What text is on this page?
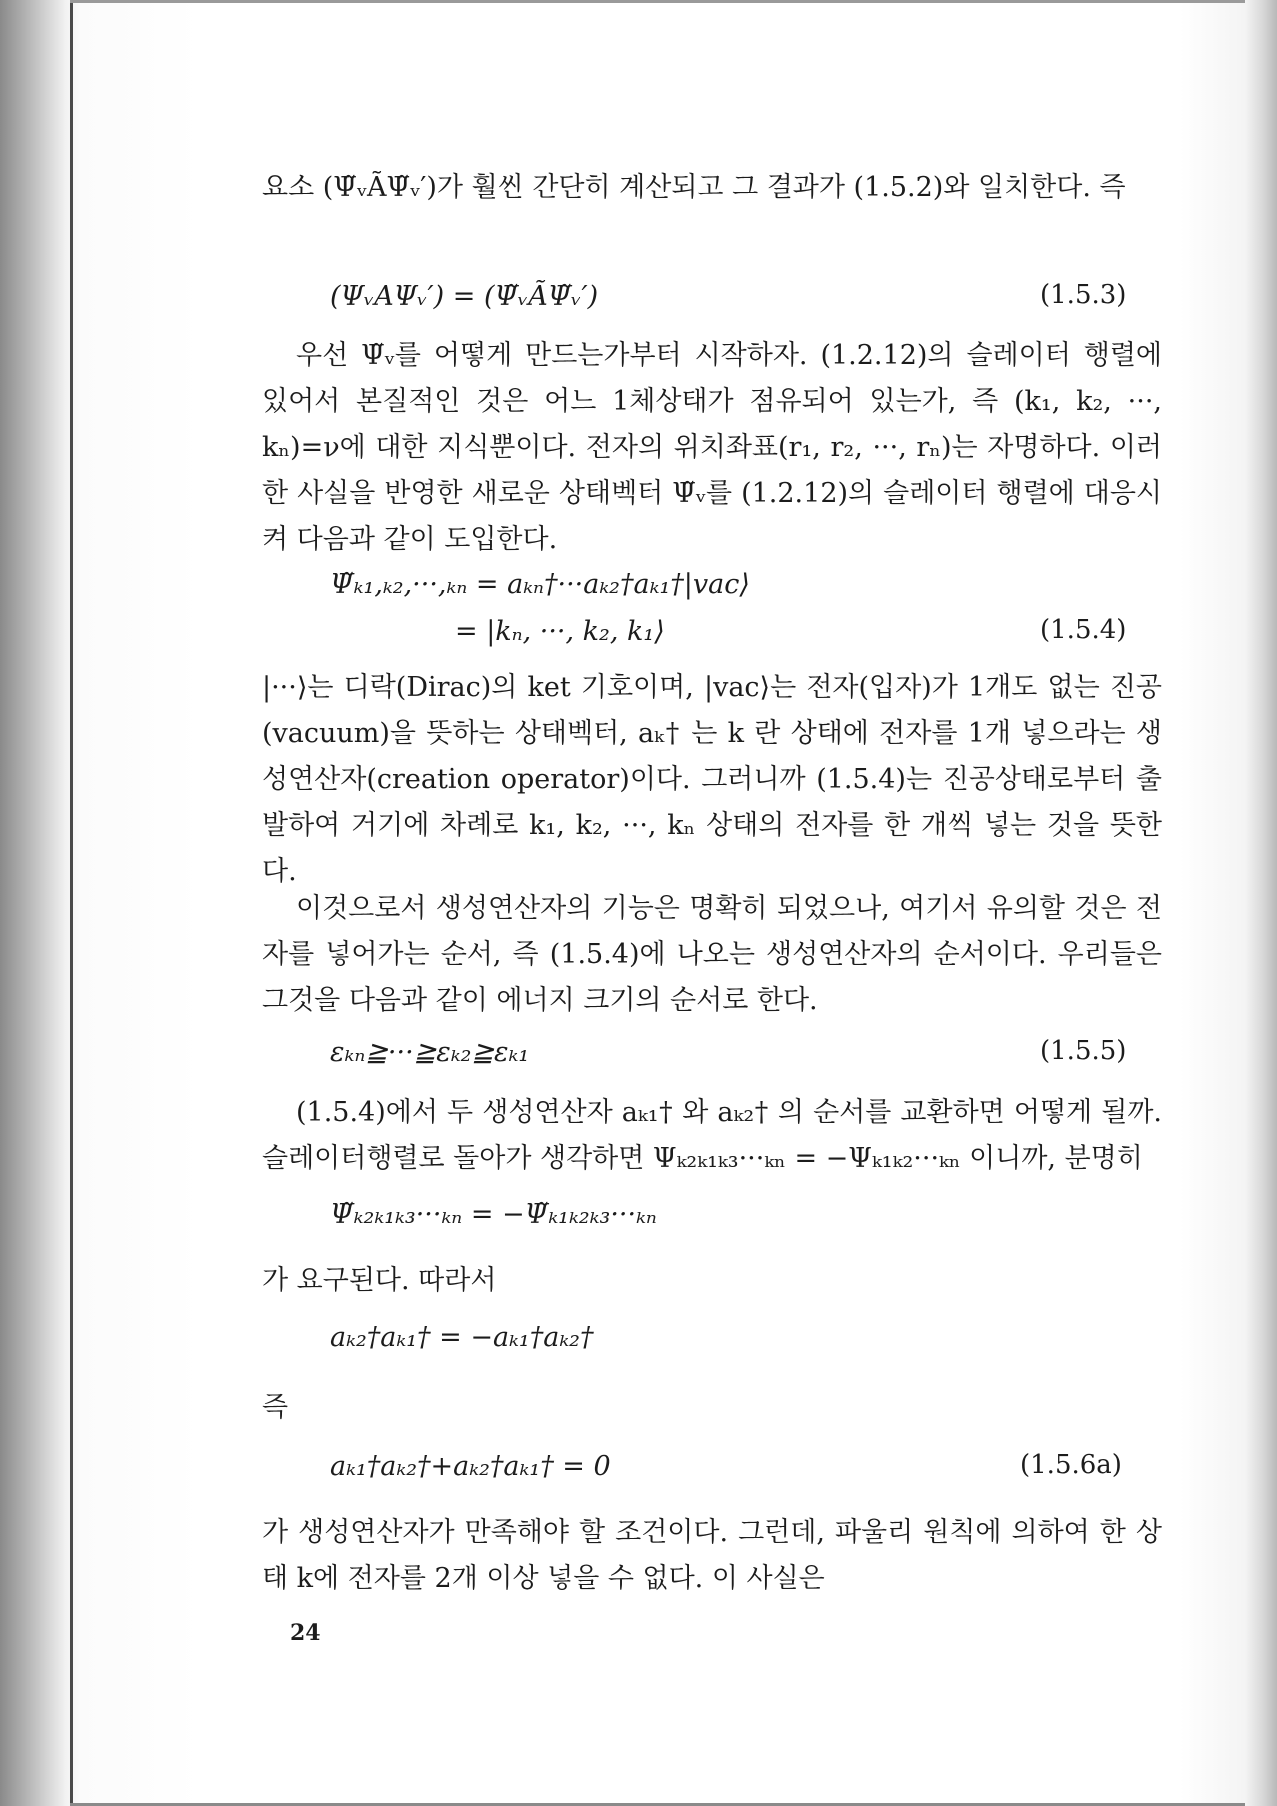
요소 (Ψ̃ᵥÃΨ̃ᵥ′)가 훨씬 간단히 계산되고 그 결과가 (1.5.2)와 일치한다. 즉

(ΨᵥAΨᵥ′) = (Ψ̃ᵥÃΨ̃ᵥ′)	(1.5.3)

우선 Ψ̃ᵥ를 어떻게 만드는가부터 시작하자. (1.2.12)의 슬레이터 행렬에 있어서 본질적인 것은 어느 1체상태가 점유되어 있는가, 즉 (k₁, k₂, ···, kₙ)=ν에 대한 지식뿐이다. 전자의 위치좌표(r₁, r₂, ···, rₙ)는 자명하다. 이러한 사실을 반영한 새로운 상태벡터 Ψ̃ᵥ를 (1.2.12)의 슬레이터 행렬에 대응시켜 다음과 같이 도입한다.

Ψ̃ₖ₁,ₖ₂,···,ₖₙ = aₖₙ†···aₖ₂†aₖ₁†|vac⟩
= |kₙ, ···, k₂, k₁⟩	(1.5.4)

|···⟩는 디락(Dirac)의 ket 기호이며, |vac⟩는 전자(입자)가 1개도 없는 진공(vacuum)을 뜻하는 상태벡터, aₖ† 는 k 란 상태에 전자를 1개 넣으라는 생성연산자(creation operator)이다. 그러니까 (1.5.4)는 진공상태로부터 출발하여 거기에 차례로 k₁, k₂, ···, kₙ 상태의 전자를 한 개씩 넣는 것을 뜻한다.

이것으로서 생성연산자의 기능은 명확히 되었으나, 여기서 유의할 것은 전자를 넣어가는 순서, 즉 (1.5.4)에 나오는 생성연산자의 순서이다. 우리들은 그것을 다음과 같이 에너지 크기의 순서로 한다.

εₖₙ≧···≧εₖ₂≧εₖ₁	(1.5.5)

(1.5.4)에서 두 생성연산자 aₖ₁† 와 aₖ₂† 의 순서를 교환하면 어떻게 될까. 슬레이터행렬로 돌아가 생각하면 Ψₖ₂ₖ₁ₖ₃···ₖₙ = −Ψₖ₁ₖ₂···ₖₙ 이니까, 분명히

Ψ̃ₖ₂ₖ₁ₖ₃···ₖₙ = −Ψ̃ₖ₁ₖ₂ₖ₃···ₖₙ

가 요구된다. 따라서

aₖ₂†aₖ₁† = −aₖ₁†aₖ₂†

즉

aₖ₁†aₖ₂†+aₖ₂†aₖ₁† = 0	(1.5.6a)

가 생성연산자가 만족해야 할 조건이다. 그런데, 파울리 원칙에 의하여 한 상태 k에 전자를 2개 이상 넣을 수 없다. 이 사실은

24
